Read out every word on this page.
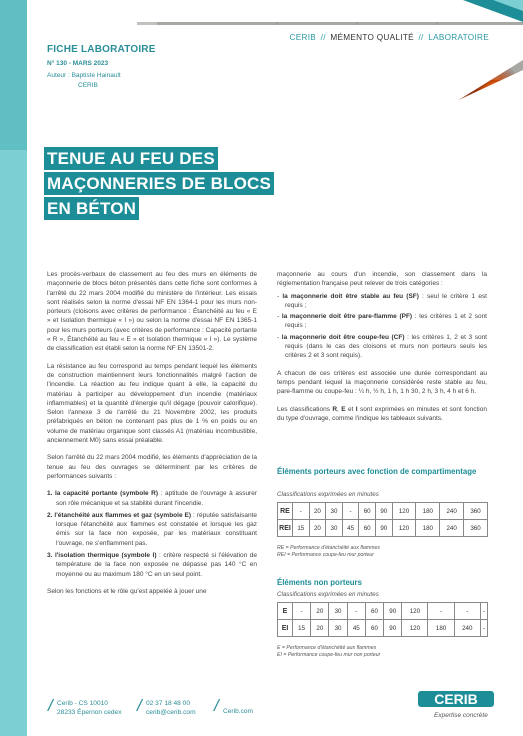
CERIB // MÉMENTO QUALITÉ // LABORATOIRE
FICHE LABORATOIRE
N° 130 - MARS 2023
Auteur : Baptiste Hainault
CERIB
TENUE AU FEU DES
MAÇONNERIES DE BLOCS
EN BÉTON

Les procès-verbaux de classement au feu des murs en éléments de maçonnerie de blocs béton présentés dans cette fiche sont conformes à l'arrêté du 22 mars 2004 modifié du ministère de l'intérieur. Les essais sont réalisés selon la norme d'essai NF EN 1364-1 pour les murs non-porteurs (cloisons avec critères de performance : Étanchéité au feu « E » et Isolation thermique « I ») ou selon la norme d'essai NF EN 1365-1 pour les murs porteurs (avec critères de performance : Capacité portante « R », Étanchéité au feu « E » et Isolation thermique « I »). Le système de classification est établi selon la norme NF EN 13501-2.

La résistance au feu correspond au temps pendant lequel les éléments de construction maintiennent leurs fonctionnalités malgré l'action de l'incendie. La réaction au feu indique quant à elle, la capacité du matériau à participer au développement d'un incendie (matériaux inflammables) et la quantité d'énergie qu'il dégage (pouvoir calorifique). Selon l'annexe 3 de l'arrêté du 21 Novembre 2002, les produits préfabriqués en béton ne contenant pas plus de 1 % en poids ou en volume de matériau organique sont classés A1 (matériau incombustible, anciennement M0) sans essai préalable.

Selon l'arrêté du 22 mars 2004 modifié, les éléments d'appréciation de la tenue au feu des ouvrages se déterminent par les critères de performances suivants :

1. la capacité portante (symbole R) : aptitude de l'ouvrage à assurer son rôle mécanique et sa stabilité durant l'incendie.
2. l'étanchéité aux flammes et gaz (symbole E) : réputée satisfaisante lorsque l'étanchéité aux flammes est constatée et lorsque les gaz émis sur la face non exposée, par les matériaux constituant l'ouvrage, ne s'enflamment pas.
3. l'isolation thermique (symbole I) : critère respecté si l'élévation de température de la face non exposée ne dépasse pas 140 °C en moyenne ou au maximum 180 °C en un seul point.

Selon les fonctions et le rôle qu'est appelée à jouer une

maçonnerie au cours d'un incendie, son classement dans la réglementation française peut relever de trois catégories :

- la maçonnerie doit être stable au feu (SF) : seul le critère 1 est requis ;
- la maçonnerie doit être pare-flamme (PF) : les critères 1 et 2 sont requis ;
- la maçonnerie doit être coupe-feu (CF) : les critères 1, 2 et 3 sont requis (dans le cas des cloisons et murs non porteurs seuls les critères 2 et 3 sont requis).

A chacun de ces critères est associée une durée correspondant au temps pendant lequel la maçonnerie considérée reste stable au feu, pare-flamme ou coupe-feu : ¼ h, ½ h, 1 h, 1 h 30, 2 h, 3 h, 4 h et 6 h.

Les classifications R, E et I sont exprimées en minutes et sont fonction du type d'ouvrage, comme l'indique les tableaux suivants.

Éléments porteurs avec fonction de compartimentage
Classifications exprimées en minutes
RE	-	20	30	-	60	90	120	180	240	360
REI	15	20	30	45	60	90	120	180	240	360
RE = Performance d'étanchéité aux flammes
REI = Performance coupe-feu mur porteur
Éléments non porteurs
Classifications exprimées en minutes
E	-	20	30	-	60	90	120	-	-	-
EI	15	20	30	45	60	90	120	180	240	-
E = Performance d'étanchéité aux flammes
EI = Performance coupe-feu mur non porteur
/ Cerib - CS 10010
28233 Épernon cedex / 02 37 18 48 00
cerib@cerib.com / Cerib.com
CERIB
Expertise concrète
